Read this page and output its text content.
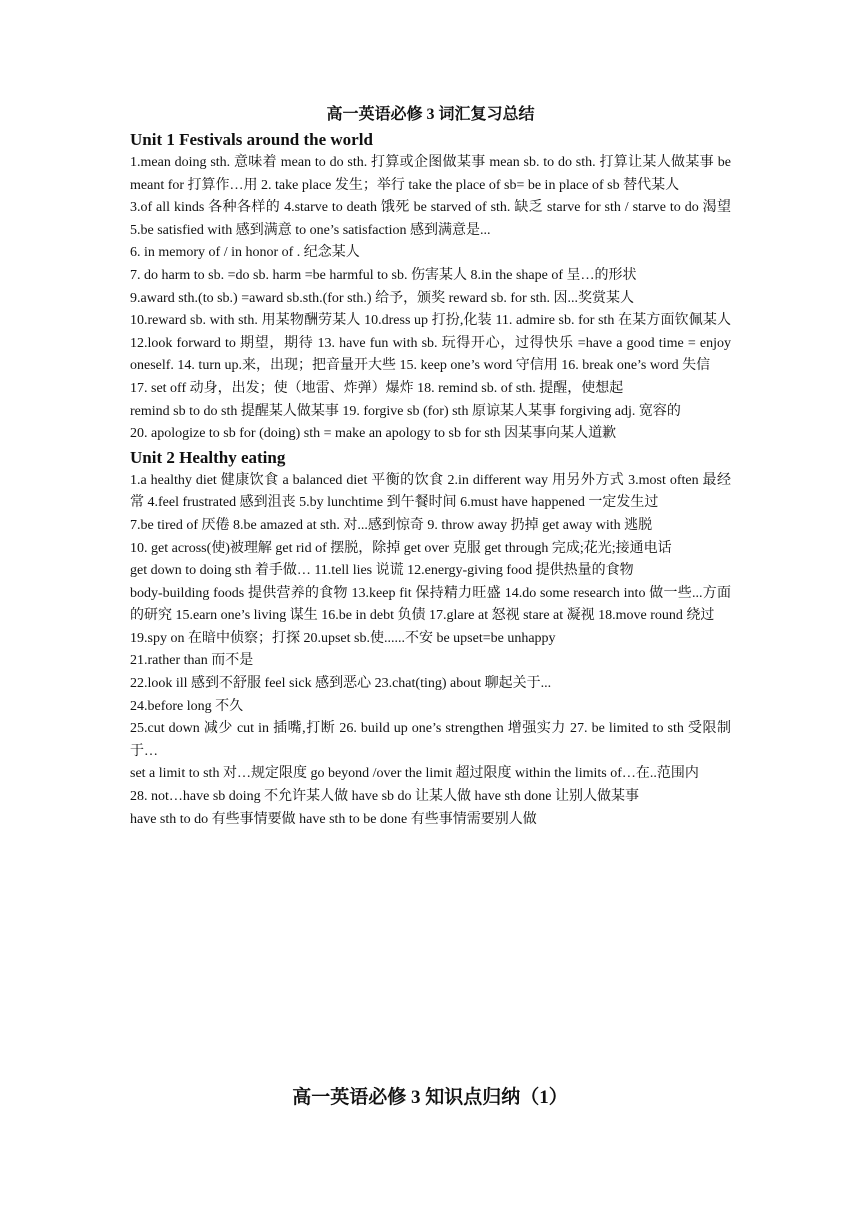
高一英语必修 3 词汇复习总结
Unit 1 Festivals around the world
1.mean doing sth. 意味着 mean to do sth. 打算或企图做某事 mean sb. to do sth. 打算让某人做某事 be meant for 打算作…用 2. take place 发生；举行 take the place of sb= be in place of sb 替代某人
3.of all kinds 各种各样的 4.starve to death 饿死 be starved of sth. 缺乏 starve for sth / starve to do 渴望 5.be satisfied with 感到满意 to one’s satisfaction 感到满意是...
6. in memory of / in honor of . 纪念某人
7. do harm to sb. =do sb. harm =be harmful to sb. 伤害某人 8.in the shape of 呈…的形状
9.award sth.(to sb.) =award sb.sth.(for sth.) 给予，颁奖 reward sb. for sth. 因...奖赏某人
10.reward sb. with sth. 用某物酬劳某人 10.dress up 打扮,化装 11. admire sb. for sth 在某方面钦佩某人 12.look forward to 期望，期待 13. have fun with sb. 玩得开心，过得快乐 =have a good time = enjoy oneself. 14. turn up.来，出现；把音量开大些 15. keep one’s word 守信用 16. break one’s word 失信
17. set off 动身，出发；使（地雷、炸弹）爆炸 18. remind sb. of sth. 提醒，使想起
remind sb to do sth 提醒某人做某事 19. forgive sb (for) sth 原谅某人某事 forgiving adj. 宽容的
20. apologize to sb for (doing) sth = make an apology to sb for sth 因某事向某人道歉
Unit 2 Healthy eating
1.a healthy diet 健康饮食 a balanced diet 平衡的饮食 2.in different way 用另外方式 3.most often 最经常 4.feel frustrated 感到沮丧 5.by lunchtime 到午餐时间 6.must have happened 一定发生过
7.be tired of 厌倦 8.be amazed at sth. 对...感到惊奇 9. throw away 扔掉 get away with 逃脱
10. get across(使)被理解 get rid of 摆脱，除掉 get over 克服 get through 完成;花光;接通电话
get down to doing sth 着手做… 11.tell lies 说谎 12.energy-giving food 提供热量的食物
body-building foods 提供营养的食物 13.keep fit 保持精力旺盛 14.do some research into 做一些...方面的研究 15.earn one’s living 谋生 16.be in debt 负债 17.glare at 怒视 stare at 凝视 18.move round 绕过
19.spy on 在暗中侦察；打探 20.upset sb.使......不安 be upset=be unhappy
21.rather than 而不是
22.look ill 感到不舒服 feel sick 感到恶心 23.chat(ting) about 聊起关于...
24.before long 不久
25.cut down 减少 cut in 插嘴,打断 26. build up one’s strengthen 增强实力 27. be limited to sth 受限制于…
set a limit to sth 对…规定限度 go beyond /over the limit 超过限度 within the limits of…在..范围内
28. not…have sb doing 不允许某人做 have sb do 让某人做 have sth done 让别人做某事
have sth to do 有些事情要做 have sth to be done 有些事情需要别人做
高一英语必修 3 知识点归纳（1）
